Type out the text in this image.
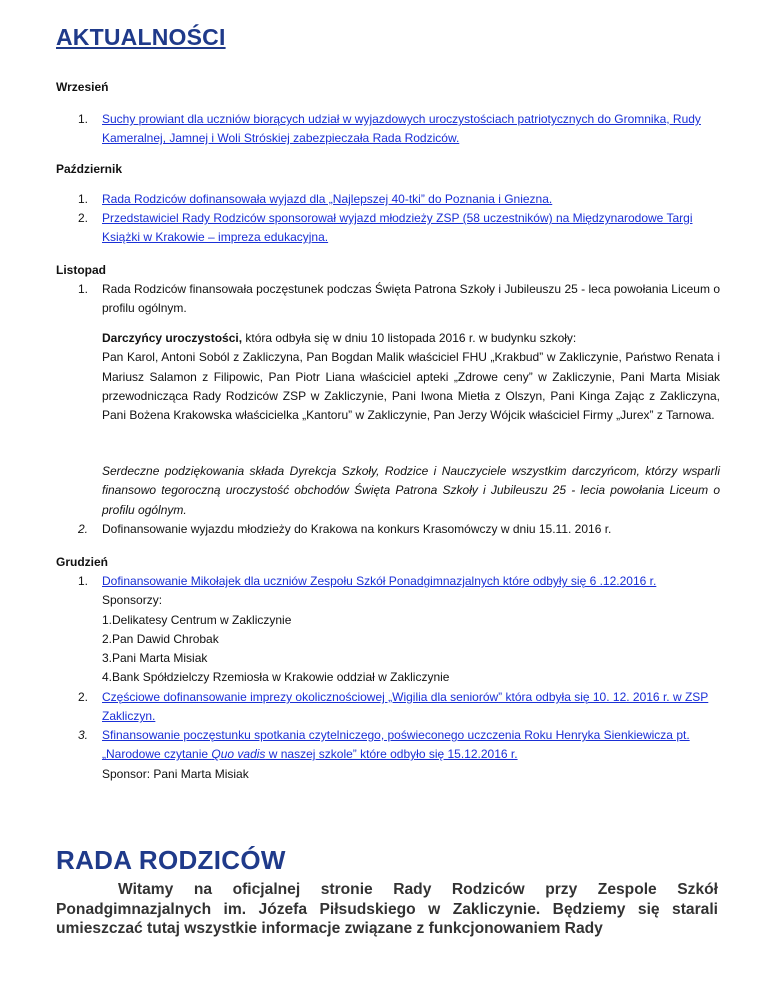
AKTUALNOŚCI
Wrzesień
1.	Suchy prowiant dla uczniów biorących udział w wyjazdowych uroczystościach patriotycznych do Gromnika, Rudy Kameralnej, Jamnej i Woli Stróskiej zabezpieczała Rada Rodziców.
Październik
1.	Rada Rodziców dofinansowała wyjazd dla „Najlepszej 40-tki” do Poznania i Gniezna.
2.	Przedstawiciel Rady Rodziców sponsorował wyjazd młodzieży ZSP (58 uczestników) na Międzynarodowe Targi Książki w Krakowie – impreza edukacyjna.
Listopad
1.	Rada Rodziców finansowała poczęstunek podczas Święta Patrona Szkoły i Jubileuszu 25 - leca powołania Liceum o profilu ogólnym.
Darczyńcy uroczystości, która odbyła się w dniu 10 listopada 2016 r. w budynku szkoły:
Pan Karol, Antoni Soból z Zakliczyna, Pan Bogdan Malik właściciel FHU „Krakbud” w Zakliczynie, Państwo Renata i Mariusz Salamon z Filipowic, Pan Piotr Liana właściciel apteki „Zdrowe ceny” w Zakliczynie, Pani Marta Misiak przewodnicząca Rady Rodziców ZSP w Zakliczynie, Pani Iwona Mietła z Olszyn, Pani Kinga Zając z Zakliczyna, Pani Bożena Krakowska właścicielka „Kantoru” w Zakliczynie, Pan Jerzy Wójcik właściciel Firmy „Jurex” z Tarnowa.
Serdeczne podziękowania składa Dyrekcja Szkoły, Rodzice i Nauczyciele wszystkim darczyńcom, którzy wsparli finansowo tegoroczną uroczystość obchodów Święta Patrona Szkoły i Jubileuszu 25 - lecia powołania Liceum o profilu ogólnym.
2.	Dofinansowanie wyjazdu młodzieży do Krakowa na konkurs Krasomówczy w dniu 15.11. 2016 r.
Grudzień
1.	Dofinansowanie Mikołajek dla uczniów Zespołu Szkół Ponadgimnazjalnych które odbyły się 6 .12.2016 r.
Sponsorzy:
1.Delikatesy Centrum w Zakliczynie
2.Pan Dawid Chrobak
3.Pani Marta Misiak
4.Bank Spółdzielczy Rzemiosła w Krakowie oddział w Zakliczynie
2.	Częściowe dofinansowanie imprezy okolicznościowej „Wigilia dla seniorów” która odbyła się 10. 12. 2016 r. w ZSP Zakliczyn.
3.	Sfinansowanie poczęstunku spotkania czytelniczego, poświeconego uczczenia Roku Henryka Sienkiewicza pt. „Narodowe czytanie Quo vadis w naszej szkole” które odbyło się 15.12.2016 r.
Sponsor: Pani Marta Misiak
RADA RODZICÓW

Witamy na oficjalnej stronie Rady Rodziców przy Zespole Szkół Ponadgimnazjalnych im. Józefa Piłsudskiego w Zakliczynie. Będziemy się starali umieszczać tutaj wszystkie informacje związane z funkcjonowaniem Rady
